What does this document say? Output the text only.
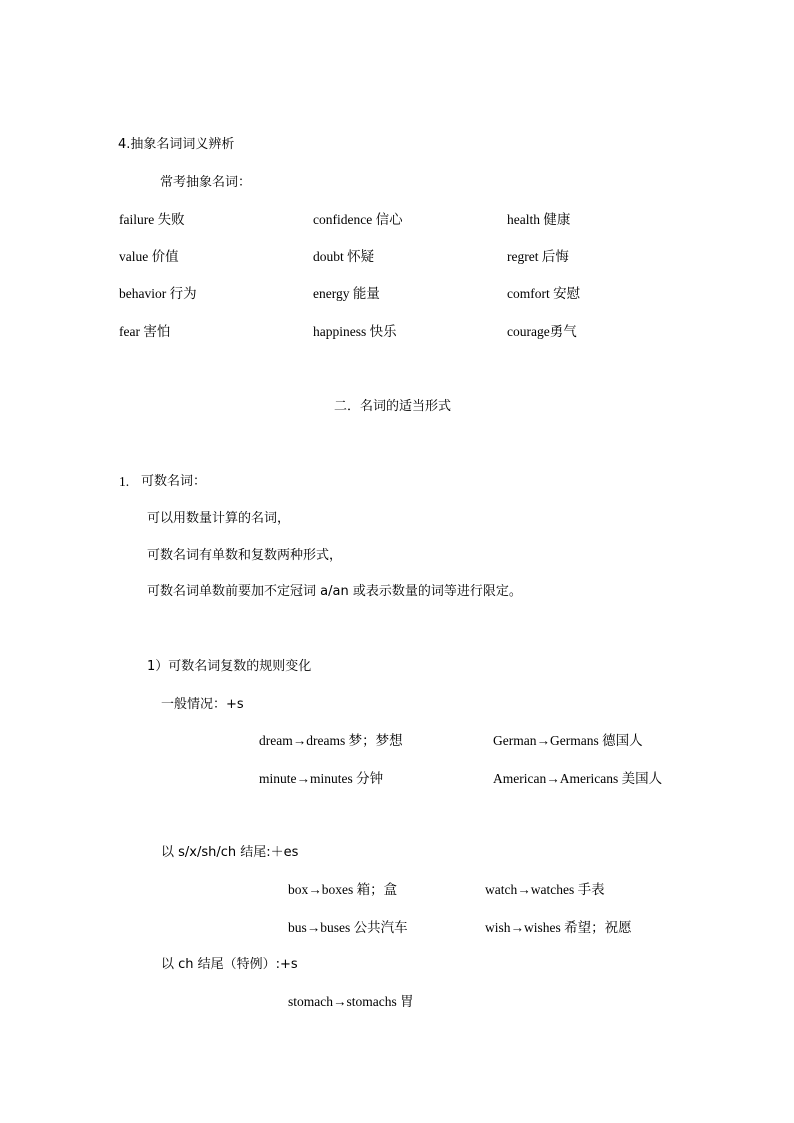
4.抽象名词词义辨析
常考抽象名词：
failure 失败	confidence 信心	health 健康
value 价值	doubt 怀疑	regret 后悔
behavior 行为	energy 能量	comfort 安慰
fear 害怕	happiness 快乐	courage勇气
二．名词的适当形式
1. 可数名词：
可以用数量计算的名词，
可数名词有单数和复数两种形式，
可数名词单数前要加不定冠词 a/an 或表示数量的词等进行限定。
1）可数名词复数的规则变化
一般情况：+s
dream→dreams 梦；梦想	German→Germans 德国人
minute→minutes 分钟	American→Americans 美国人
以 s/x/sh/ch 结尾:＋es
box→boxes 箱；盒	watch→watches 手表
bus→buses 公共汽车	wish→wishes 希望；祝愿
以 ch 结尾（特例）:+s
stomach→stomachs 胃
